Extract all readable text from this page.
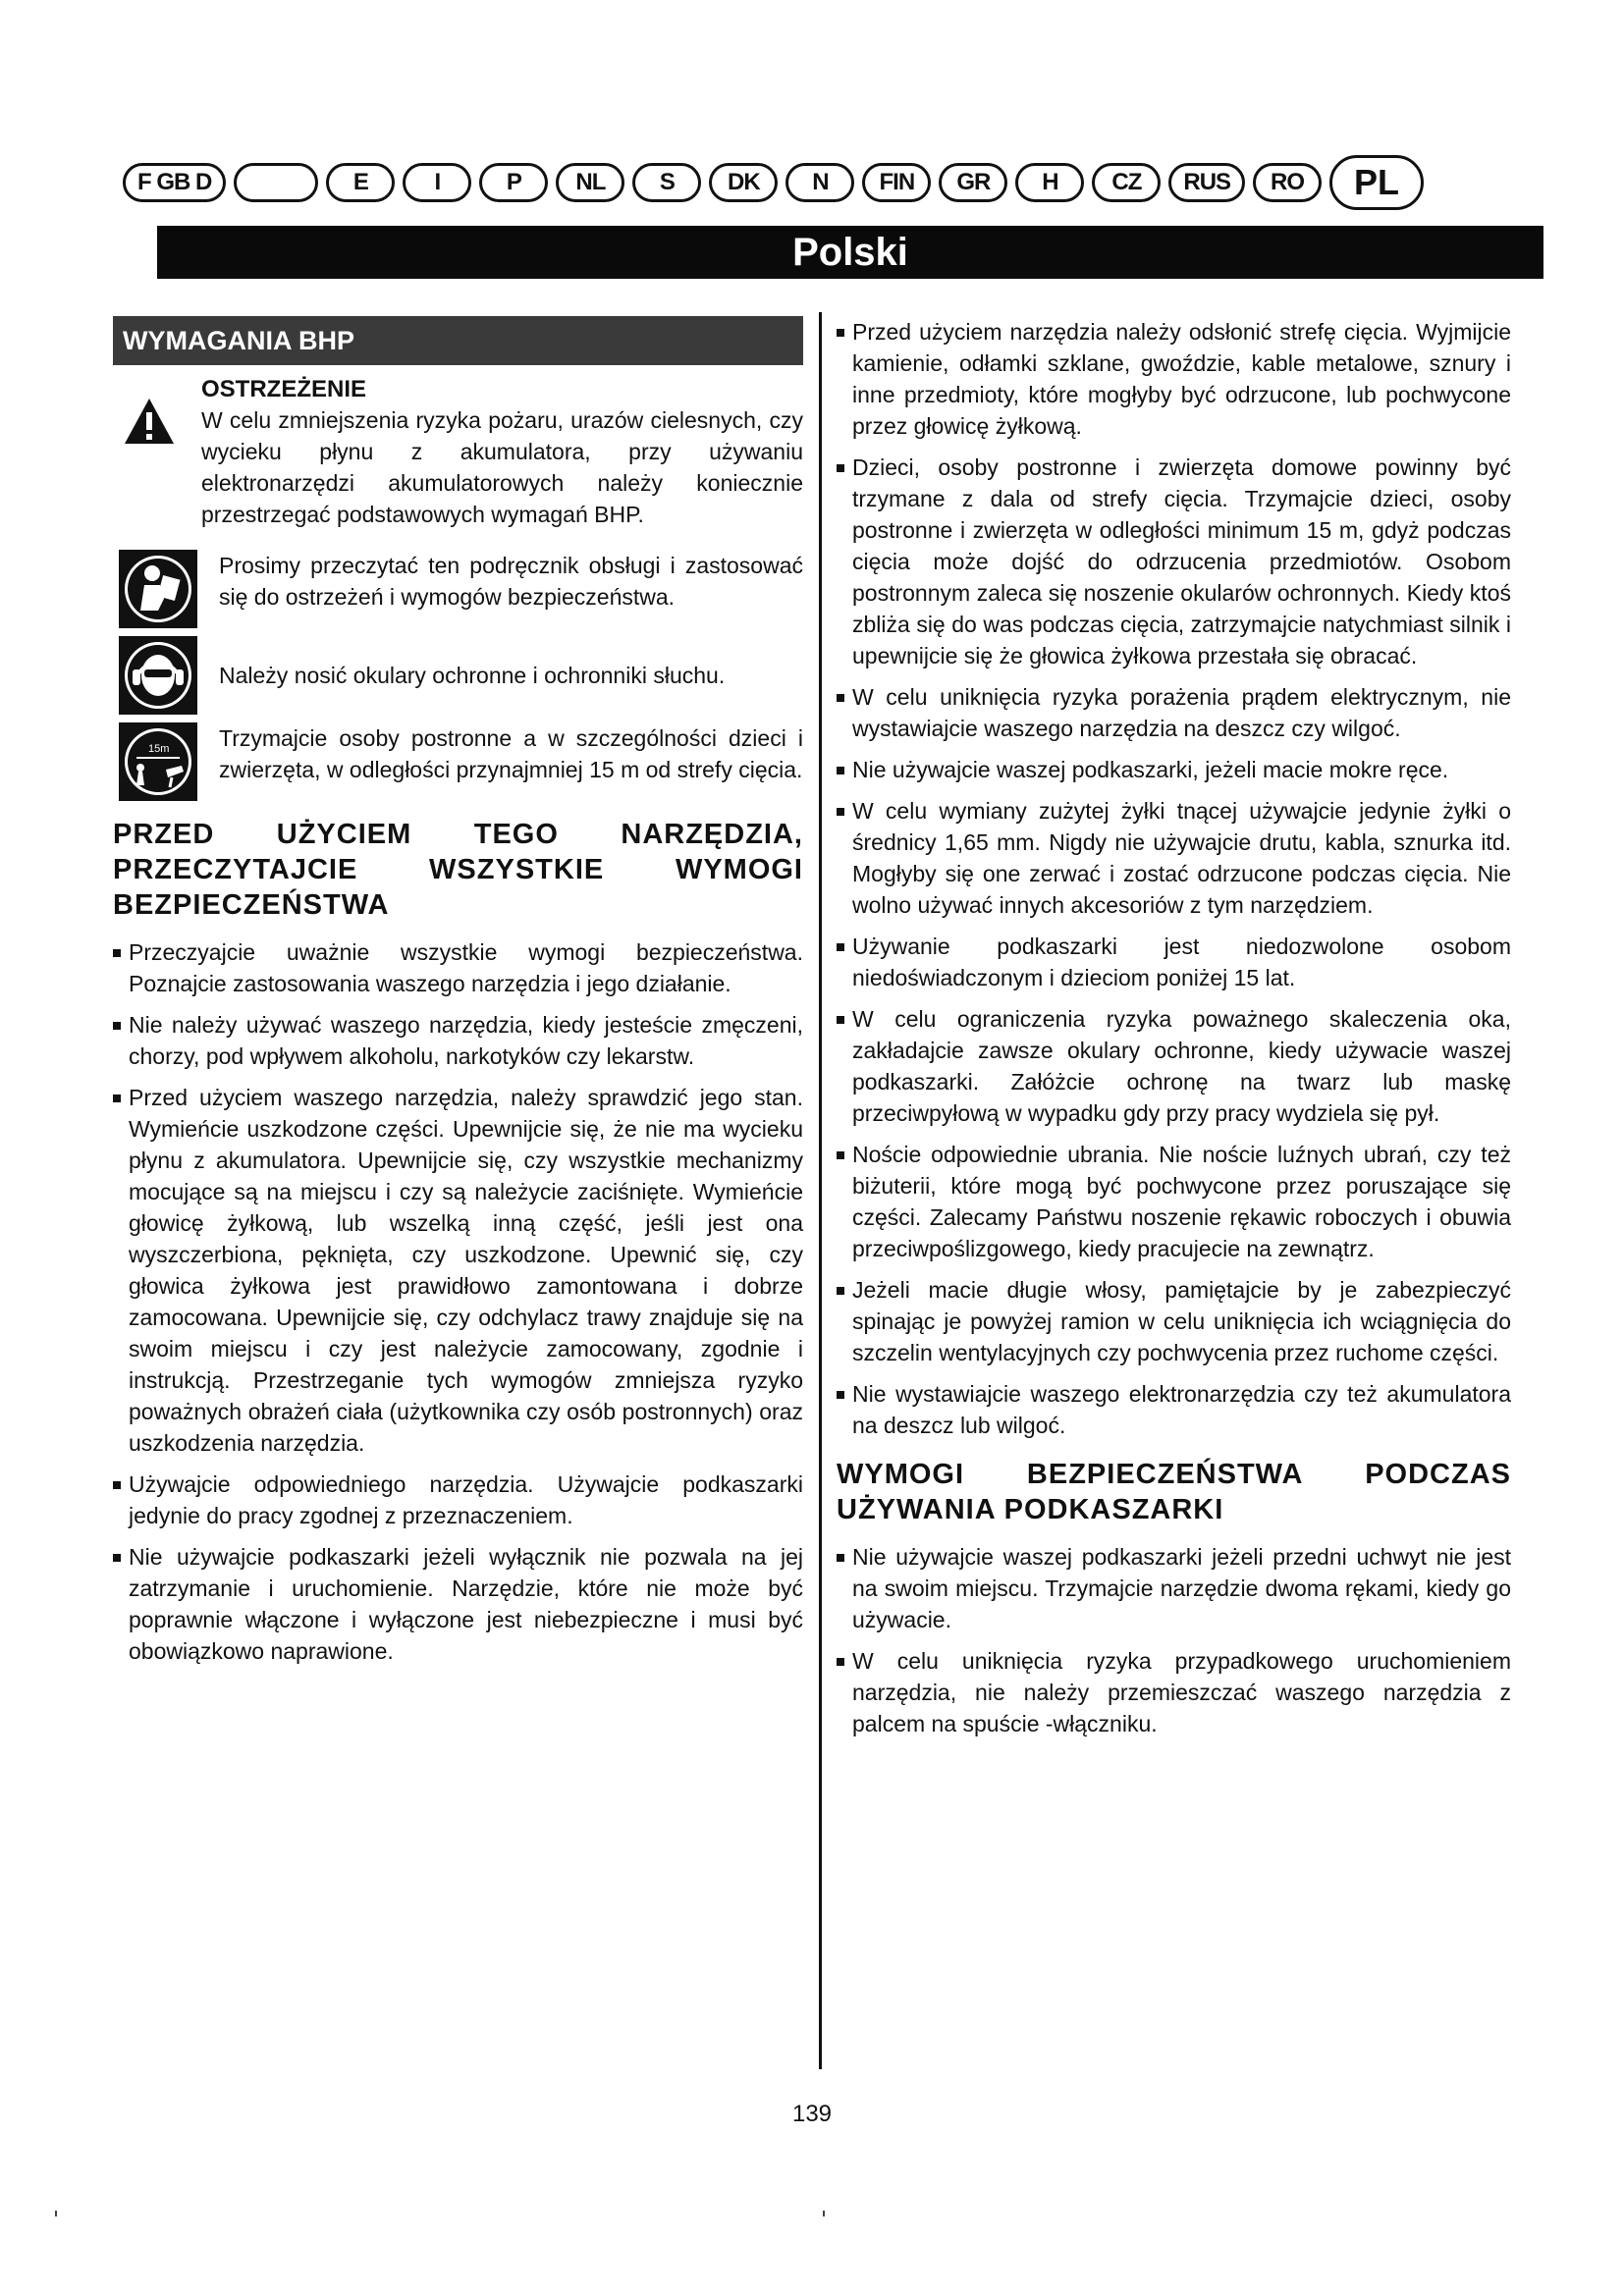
F
GB
D	E	I	P NL S DK N FIN GR H CZ RUS RO PL
Polski
WYMAGANIA BHP

OSTRZEŻENIE

W celu zmniejszenia ryzyka pożaru, urazów cielesnych, czy wycieku płynu z akumulatora, przy używaniu elektronarzędzi akumulatorowych należy koniecznie przestrzegać podstawowych wymagań BHP.

Prosimy przeczytać ten podręcznik obsługi i zastosować się do ostrzeżeń i wymogów bezpieczeństwa.

Należy nosić okulary ochronne i ochronniki słuchu.

15m Trzymajcie osoby postronne a w szczególności dzieci i zwierzęta, w odległości przynajmniej 15 m od strefy cięcia.

PRZED UŻYCIEM TEGO NARZĘDZIA, PRZECZYTAJCIE WSZYSTKIE WYMOGI BEZPIECZEŃSTWA
Przeczyajcie uważnie wszystkie wymogi bezpieczeństwa. Poznajcie zastosowania waszego narzędzia i jego działanie.
Nie należy używać waszego narzędzia, kiedy jesteście zmęczeni, chorzy, pod wpływem alkoholu, narkotyków czy lekarstw.
Przed użyciem waszego narzędzia, należy sprawdzić jego stan. Wymieńcie uszkodzone części. Upewnijcie się, że nie ma wycieku płynu z akumulatora. Upewnijcie się, czy wszystkie mechanizmy mocujące są na miejscu i czy są należycie zaciśnięte. Wymieńcie głowicę żyłkową, lub wszelką inną część, jeśli jest ona wyszczerbiona, pęknięta, czy uszkodzone. Upewnić się, czy głowica żyłkowa jest prawidłowo zamontowana i dobrze zamocowana. Upewnijcie się, czy odchylacz trawy znajduje się na swoim miejscu i czy jest należycie zamocowany, zgodnie i instrukcją. Przestrzeganie tych wymogów zmniejsza ryzyko poważnych obrażeń ciała (użytkownika czy osób postronnych) oraz uszkodzenia narzędzia.
Używajcie odpowiedniego narzędzia. Używajcie podkaszarki jedynie do pracy zgodnej z przeznaczeniem.
Nie używajcie podkaszarki jeżeli wyłącznik nie pozwala na jej zatrzymanie i uruchomienie. Narzędzie, które nie może być poprawnie włączone i wyłączone jest niebezpieczne i musi być obowiązkowo naprawione.
Przed użyciem narzędzia należy odsłonić strefę cięcia. Wyjmijcie kamienie, odłamki szklane, gwoździe, kable metalowe, sznury i inne przedmioty, które mogłyby być odrzucone, lub pochwycone przez głowicę żyłkową.
Dzieci, osoby postronne i zwierzęta domowe powinny być trzymane z dala od strefy cięcia. Trzymajcie dzieci, osoby postronne i zwierzęta w odległości minimum 15 m, gdyż podczas cięcia może dojść do odrzucenia przedmiotów. Osobom postronnym zaleca się noszenie okularów ochronnych. Kiedy ktoś zbliża się do was podczas cięcia, zatrzymajcie natychmiast silnik i upewnijcie się że głowica żyłkowa przestała się obracać.
W celu uniknięcia ryzyka porażenia prądem elektrycznym, nie wystawiajcie waszego narzędzia na deszcz czy wilgoć.
Nie używajcie waszej podkaszarki, jeżeli macie mokre ręce.
W celu wymiany zużytej żyłki tnącej używajcie jedynie żyłki o średnicy 1,65 mm. Nigdy nie używajcie drutu, kabla, sznurka itd. Mogłyby się one zerwać i zostać odrzucone podczas cięcia. Nie wolno używać innych akcesoriów z tym narzędziem.
Używanie podkaszarki jest niedozwolone osobom niedoświadczonym i dzieciom poniżej 15 lat.
W celu ograniczenia ryzyka poważnego skaleczenia oka, zakładajcie zawsze okulary ochronne, kiedy używacie waszej podkaszarki. Załóżcie ochronę na twarz lub maskę przeciwpyłową w wypadku gdy przy pracy wydziela się pył.
Noście odpowiednie ubrania. Nie noście luźnych ubrań, czy też biżuterii, które mogą być pochwycone przez poruszające się części. Zalecamy Państwu noszenie rękawic roboczych i obuwia przeciwpoślizgowego, kiedy pracujecie na zewnątrz.
Jeżeli macie długie włosy, pamiętajcie by je zabezpieczyć spinając je powyżej ramion w celu uniknięcia ich wciągnięcia do szczelin wentylacyjnych czy pochwycenia przez ruchome części.
Nie wystawiajcie waszego elektronarzędzia czy też akumulatora na deszcz lub wilgoć.
WYMOGI BEZPIECZEŃSTWA PODCZAS UŻYWANIA PODKASZARKI
Nie używajcie waszej podkaszarki jeżeli przedni uchwyt nie jest na swoim miejscu. Trzymajcie narzędzie dwoma rękami, kiedy go używacie.
W celu uniknięcia ryzyka przypadkowego uruchomieniem narzędzia, nie należy przemieszczać waszego narzędzia z palcem na spuście -włączniku.
139
